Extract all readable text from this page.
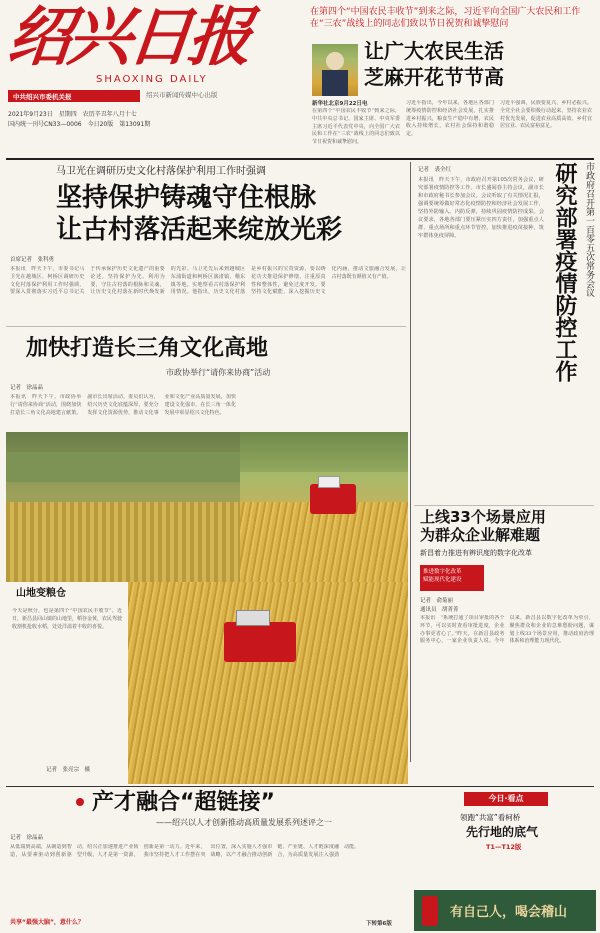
绍兴日报
SHAOXING DAILY
中共绍兴市委机关报	绍兴市新闻传媒中心出版
2021年9月23日　星期四　农历辛丑年八月十七
国内统一刊号CN33—0006　今日20版　第13091期
在第四个“中国农民丰收节”到来之际，习近平向全国广大农民和工作在“三农”战线上的同志们致以节日祝贺和诚挚慰问
让广大农民生活
芝麻开花节节高
新华社北京9月22日电
在第四个“中国农民丰收节”到来之际，中共中央总书记、国家主席、中央军委主席习近平代表党中央，向全国广大农民和工作在“三农”战线上的同志们致以节日祝贺和诚挚慰问。
习近平指出，今年以来，各地区各部门统筹疫情防控和经济社会发展，扎实推进乡村振兴，粮食生产稳中有增，农民收入持续增长，农村社会保持和谐稳定。
习近平强调，民族要复兴，乡村必振兴。全党全社会要积极行动起来，坚持农业农村优先发展，促进农业高质高效、乡村宜居宜业、农民富裕富足。
马卫光在调研历史文化村落保护利用工作时强调
坚持保护铸魂守住根脉
让古村落活起来绽放光彩
首席记者　张科勇
本报讯　昨天下午，市委书记马卫光在越城区、柯桥区调研历史文化村落保护利用工作时强调，要深入贯彻落实习近平总书记关于传承保护历史文化遗产的重要论述，坚持保护为先、利用为要，守住古村落的根脉和灵魂，让历史文化村落在新时代焕发新的光彩。马卫光先后来到越城区东浦街道和柯桥区漓渚镇、稽东镇等地，实地察看古村落保护利用情况。他指出，历史文化村落是乡村振兴的宝贵资源，要以绣花功夫推进保护修缮，注重原真性和整体性，避免过度开发。要坚持文化赋能，深入挖掘历史文化内涵，推动文旅融合发展，让古村落既有颜值又有产值。
加快打造长三角文化高地
市政协举行“请你来协商”活动
记者　徐晶晶
本报讯　昨天下午，市政协举行“请你来协商”活动，围绕加快打造长三角文化高地建言献策。副市长出席活动。委员们认为，绍兴历史文化底蕴深厚，要充分发挥文化资源优势，推动文化事业和文化产业高质量发展，加快建设文化强市，在长三角一体化发展中彰显绍兴文化特色。
山地变粮仓
今天是秋分，也是第四个“中国农民丰收节”。近日，新昌县回山镇的山地里，稻谷金黄，农民驾驶收割机抢收水稻，处处洋溢着丰收的喜悦。
记者　张亮宗　摄
记者　裘全红
本报讯　昨天下午，市政府召开第105次常务会议，研究部署疫情防控等工作。市长盛阅春主持会议，副市长和市政府秘书长参加会议。会议听取了有关情况汇报，强调要统筹做好常态化疫情防控和经济社会发展工作，坚持外防输入、内防反弹，持续巩固疫情防控成果。会议要求，各地各部门要压紧压实四方责任，加强重点人群、重点场所和重点环节管控，加快推进疫苗接种，筑牢群体免疫屏障。	研究部署疫情防控工作 市政府召开第一百零五次常务会议
上线33个场景应用
为群众企业解难题
新昌着力推进有辨识度的数字化改革
推进数字化改革
赋能现代化建设
记者　俞菊丽
通讯员　胡菁菁
本报讯　“系统打通了项目审批的各个环节，可以实时查看审批进度，企业办事更省心了。”昨天，在新昌县政务服务中心，一家企业负责人说。今年以来，新昌县以数字化改革为牵引，聚焦群众和企业的急难愁盼问题，谋划上线33个场景应用，推动政府治理体系和治理能力现代化。
产才融合“超链接”
——绍兴以人才创新推动高质量发展系列述评之一
记者　徐晶晶
从低端到高端，从制造到智造，从要素驱动到创新驱动，绍兴正加速推进产业转型升级。人才是第一资源，创新是第一动力。近年来，我市坚持把人才工作摆在突出位置，深入实施人才强市战略，以产才融合推动创新链、产业链、人才链深度融合，为高质量发展注入强劲动能。
共享“最强大脑”，意什么？	下转第6版
今日·看点
领跑“共富”看柯桥
先行地的底气
T1—T12版
有自己人，喝会稽山
